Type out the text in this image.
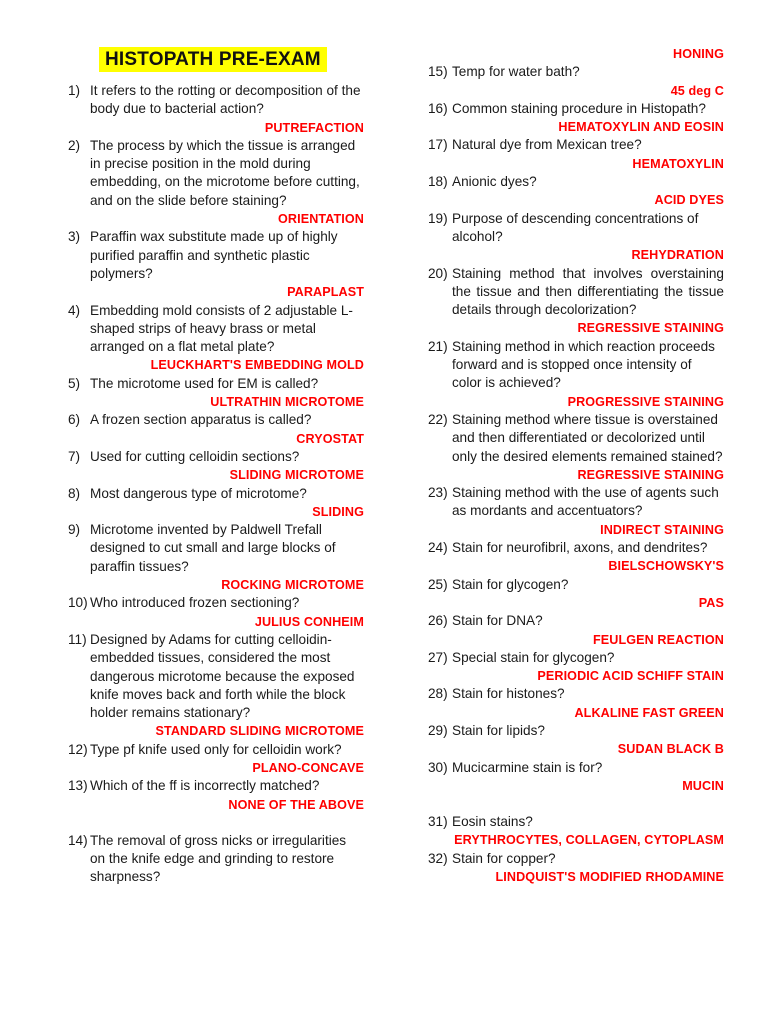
HISTOPATH PRE-EXAM
1) It refers to the rotting or decomposition of the body due to bacterial action?
PUTREFACTION
2) The process by which the tissue is arranged in precise position in the mold during embedding, on the microtome before cutting, and on the slide before staining?
ORIENTATION
3) Paraffin wax substitute made up of highly purified paraffin and synthetic plastic polymers?
PARAPLAST
4) Embedding mold consists of 2 adjustable L-shaped strips of heavy brass or metal arranged on a flat metal plate?
LEUCKHART'S EMBEDDING MOLD
5) The microtome used for EM is called?
ULTRATHIN MICROTOME
6) A frozen section apparatus is called?
CRYOSTAT
7) Used for cutting celloidin sections?
SLIDING MICROTOME
8) Most dangerous type of microtome?
SLIDING
9) Microtome invented by Paldwell Trefall designed to cut small and large blocks of paraffin tissues?
ROCKING MICROTOME
10) Who introduced frozen sectioning?
JULIUS CONHEIM
11) Designed by Adams for cutting celloidin-embedded tissues, considered the most dangerous microtome because the exposed knife moves back and forth while the block holder remains stationary?
STANDARD SLIDING MICROTOME
12) Type pf knife used only for celloidin work?
PLANO-CONCAVE
13) Which of the ff is incorrectly matched?
NONE OF THE ABOVE
14) The removal of gross nicks or irregularities on the knife edge and grinding to restore sharpness?
HONING
15) Temp for water bath?
45 deg C
16) Common staining procedure in Histopath?
HEMATOXYLIN AND EOSIN
17) Natural dye from Mexican tree?
HEMATOXYLIN
18) Anionic dyes?
ACID DYES
19) Purpose of descending concentrations of alcohol?
REHYDRATION
20) Staining method that involves overstaining the tissue and then differentiating the tissue details through decolorization?
REGRESSIVE STAINING
21) Staining method in which reaction proceeds forward and is stopped once intensity of color is achieved?
PROGRESSIVE STAINING
22) Staining method where tissue is overstained and then differentiated or decolorized until only the desired elements remained stained?
REGRESSIVE STAINING
23) Staining method with the use of agents such as mordants and accentuators?
INDIRECT STAINING
24) Stain for neurofibril, axons, and dendrites?
BIELSCHOWSKY'S
25) Stain for glycogen?
PAS
26) Stain for DNA?
FEULGEN REACTION
27) Special stain for glycogen?
PERIODIC ACID SCHIFF STAIN
28) Stain for histones?
ALKALINE FAST GREEN
29) Stain for lipids?
SUDAN BLACK B
30) Mucicarmine stain is for?
MUCIN
31) Eosin stains?
ERYTHROCYTES, COLLAGEN, CYTOPLASM
32) Stain for copper?
LINDQUIST'S MODIFIED RHODAMINE
